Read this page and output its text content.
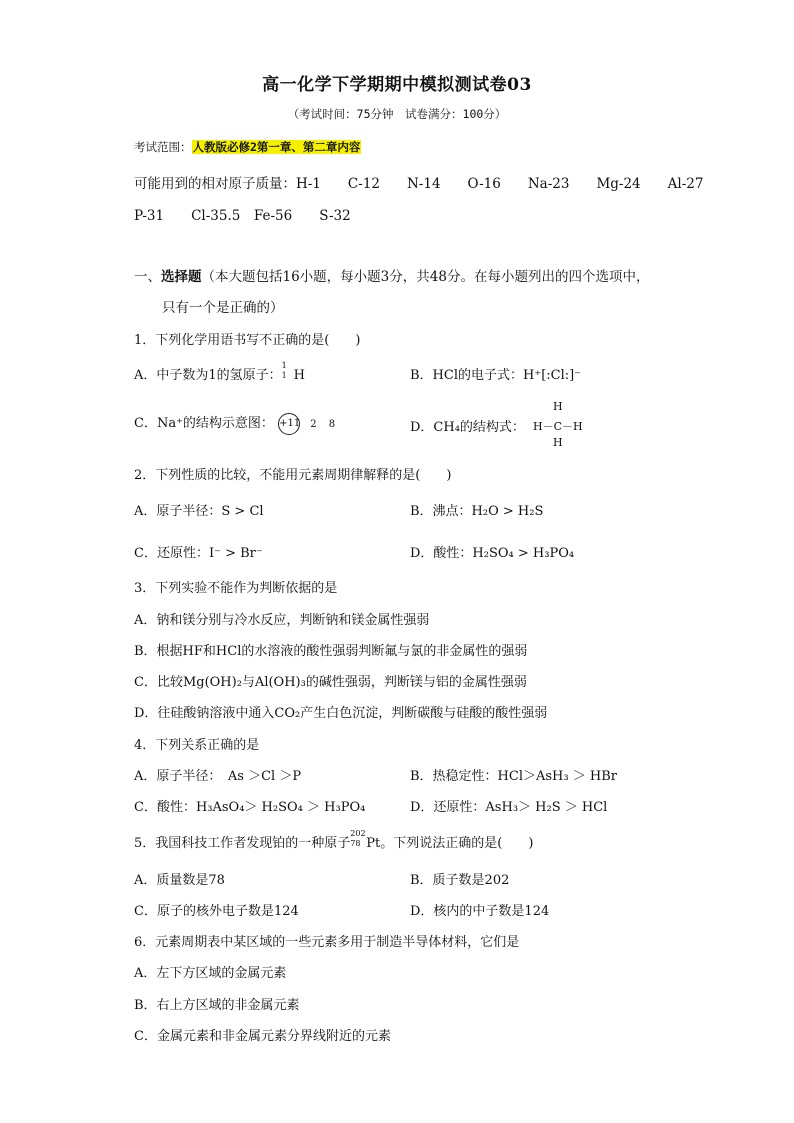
高一化学下学期期中模拟测试卷03
（考试时间：75分钟　试卷满分：100分）
考试范围：人教版必修2第一章、第二章内容
可能用到的相对原子质量：H-1　　C-12　　N-14　　O-16　　Na-23　　Mg-24　　Al-27
P-31　　Cl-35.5　Fe-56　　S-32
一、选择题（本大题包括16小题，每小题3分，共48分。在每小题列出的四个选项中，
只有一个是正确的）
1．下列化学用语书写不正确的是(　　)
A．中子数为1的氢原子：
1
1 H	B．HCl的电子式：H⁺[:Cl:]⁻
C．Na⁺的结构示意图： +11 2 8	D．CH₄的结构式：
H
H－C－H
H
2．下列性质的比较，不能用元素周期律解释的是(　　)
A．原子半径：S > Cl	B．沸点：H₂O > H₂S
C．还原性：I⁻ > Br⁻	D．酸性：H₂SO₄ > H₃PO₄
3．下列实验不能作为判断依据的是
A．钠和镁分别与冷水反应，判断钠和镁金属性强弱
B．根据HF和HCl的水溶液的酸性强弱判断氟与氯的非金属性的强弱
C．比较Mg(OH)₂与Al(OH)₃的碱性强弱，判断镁与铝的金属性强弱
D．往硅酸钠溶液中通入CO₂产生白色沉淀，判断碳酸与硅酸的酸性强弱
4．下列关系正确的是
A．原子半径：　As ＞Cl ＞P	B．热稳定性：HCl＞AsH₃ ＞ HBr
C．酸性：H₃AsO₄＞ H₂SO₄ ＞ H₃PO₄	D．还原性：AsH₃＞ H₂S ＞ HCl
5．我国科技工作者发现铂的一种原子
202
78 Pt。下列说法正确的是(　　)
A．质量数是78	B．质子数是202
C．原子的核外电子数是124	D．核内的中子数是124
6．元素周期表中某区域的一些元素多用于制造半导体材料，它们是
A．左下方区域的金属元素
B．右上方区域的非金属元素
C．金属元素和非金属元素分界线附近的元素
